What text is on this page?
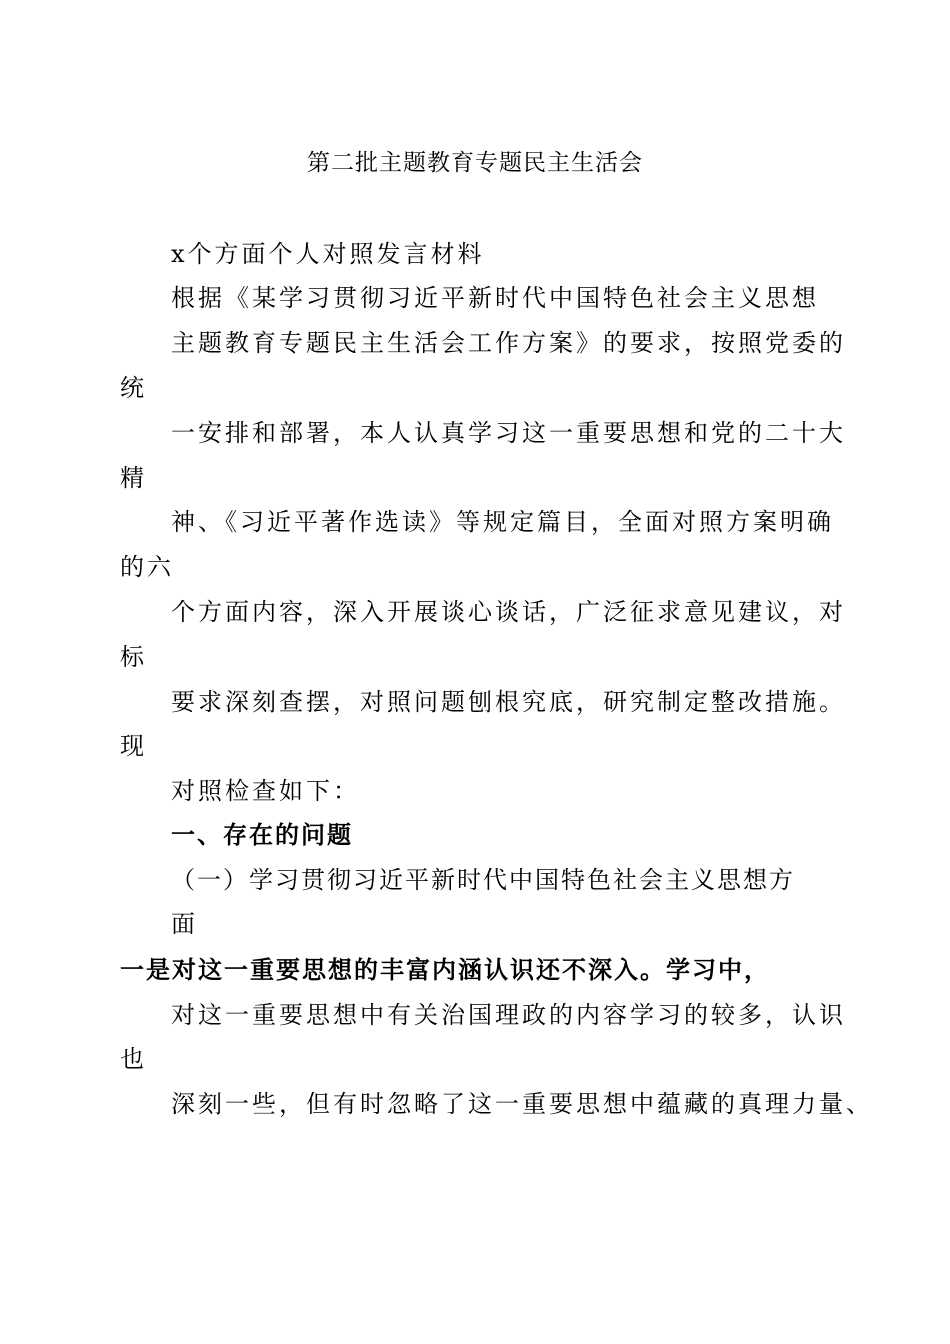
第二批主题教育专题民主生活会
x个方面个人对照发言材料
根据《某学习贯彻习近平新时代中国特色社会主义思想
主题教育专题民主生活会工作方案》的要求，按照党委的
统
一安排和部署，本人认真学习这一重要思想和党的二十大
精
神、《习近平著作选读》等规定篇目，全面对照方案明确
的六
个方面内容，深入开展谈心谈话，广泛征求意见建议，对
标
要求深刻查摆，对照问题刨根究底，研究制定整改措施。
现
对照检查如下：
一、存在的问题
（一）学习贯彻习近平新时代中国特色社会主义思想方
面
一是对这一重要思想的丰富内涵认识还不深入。学习中，
对这一重要思想中有关治国理政的内容学习的较多，认识
也
深刻一些，但有时忽略了这一重要思想中蕴藏的真理力量、
